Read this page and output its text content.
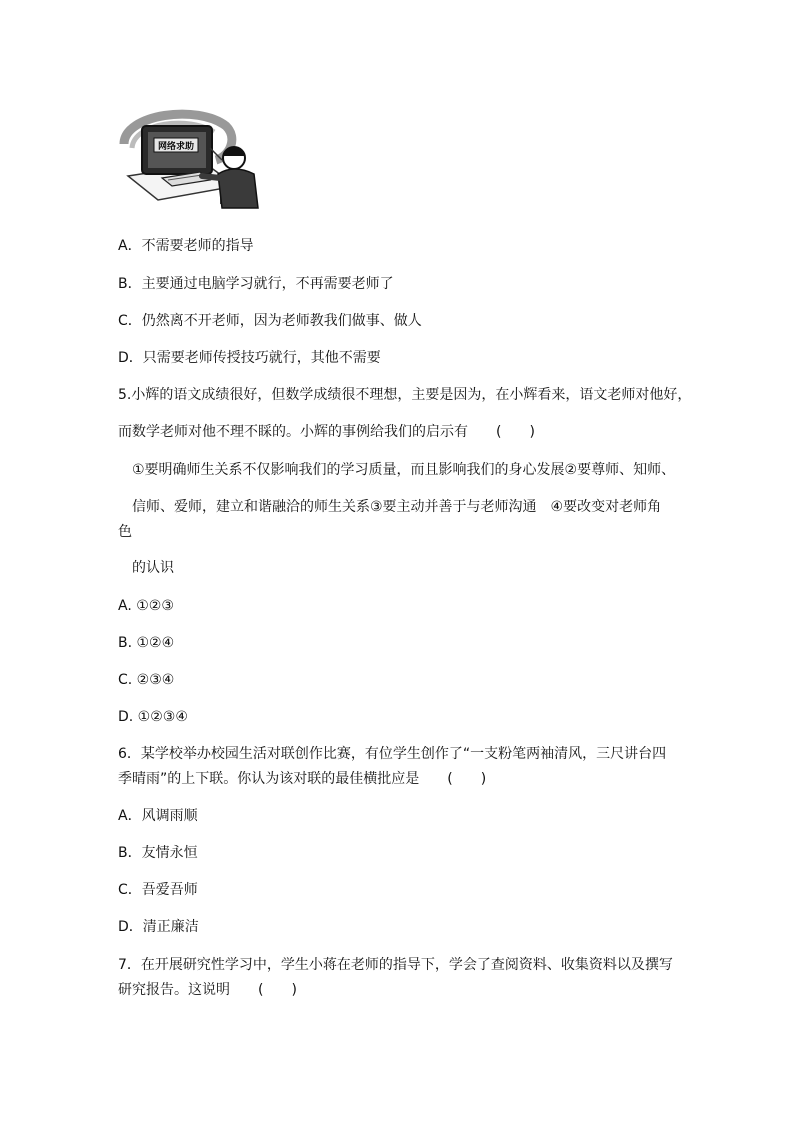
网络求助
A．不需要老师的指导
B．主要通过电脑学习就行，不再需要老师了
C．仍然离不开老师，因为老师教我们做事、做人
D．只需要老师传授技巧就行，其他不需要
5.小辉的语文成绩很好，但数学成绩很不理想，主要是因为，在小辉看来，语文老师对他好，
而数学老师对他不理不睬的。小辉的事例给我们的启示有　　(　　)
①要明确师生关系不仅影响我们的学习质量，而且影响我们的身心发展②要尊师、知师、
信师、爱师，建立和谐融洽的师生关系③要主动并善于与老师沟通　④要改变对老师角
色
的认识
A. ①②③
B. ①②④
C. ②③④
D. ①②③④
6．某学校举办校园生活对联创作比赛，有位学生创作了“一支粉笔两袖清风，三尺讲台四
季晴雨”的上下联。你认为该对联的最佳横批应是　　(　　)
A．风调雨顺
B．友情永恒
C．吾爱吾师
D．清正廉洁
7．在开展研究性学习中，学生小蒋在老师的指导下，学会了查阅资料、收集资料以及撰写
研究报告。这说明　　(　　)
